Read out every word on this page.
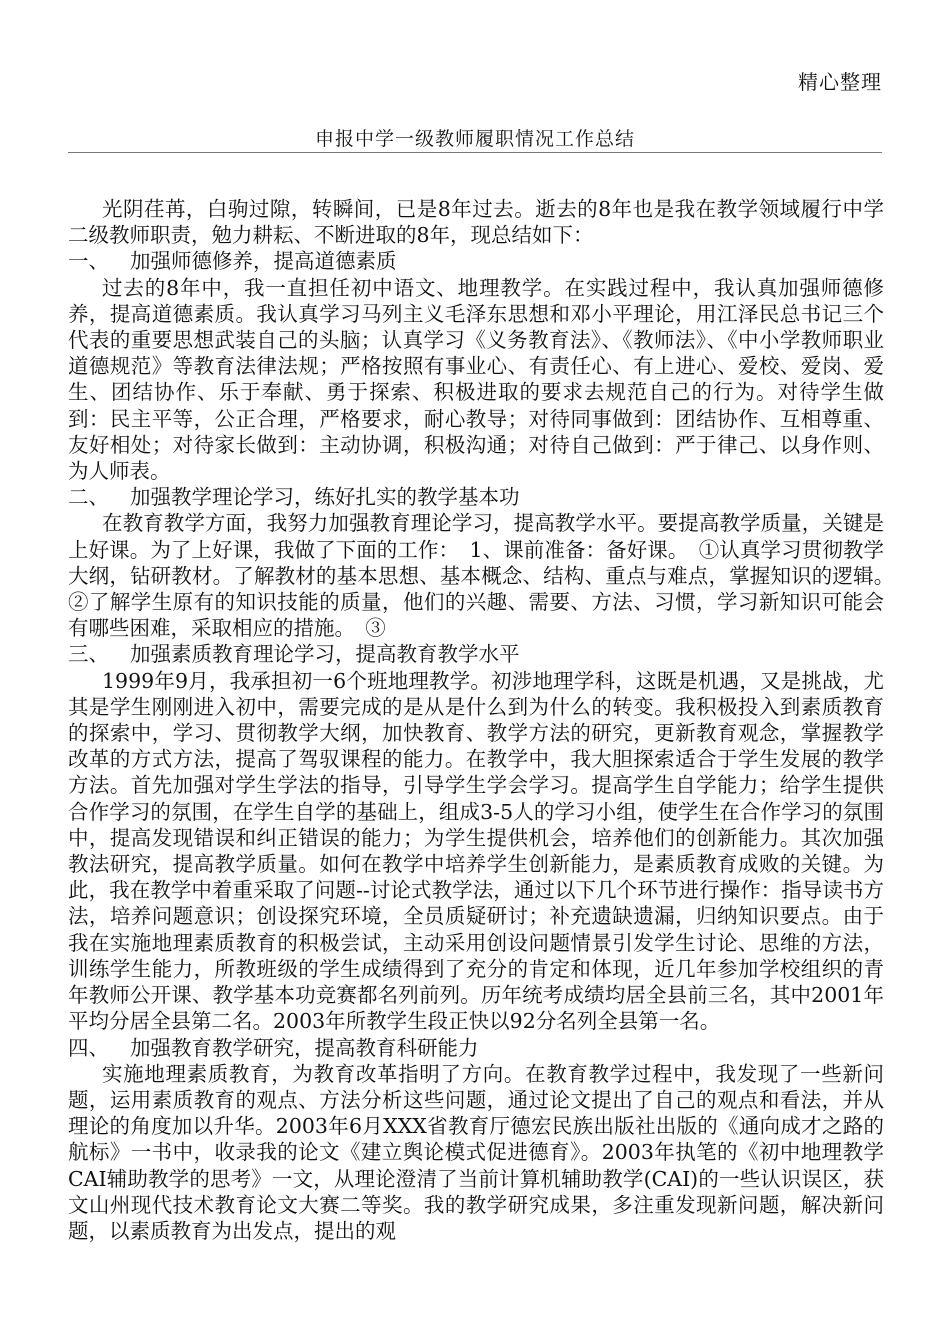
精心整理
申报中学一级教师履职情况工作总结

光阴荏苒，白驹过隙，转瞬间，已是8年过去。逝去的8年也是我在教学领域履行中学二级教师职责，勉力耕耘、不断进取的8年，现总结如下：

一、 加强师德修养，提高道德素质

过去的8年中，我一直担任初中语文、地理教学。在实践过程中，我认真加强师德修养，提高道德素质。我认真学习马列主义毛泽东思想和邓小平理论，用江泽民总书记三个代表的重要思想武装自己的头脑；认真学习《义务教育法》、《教师法》、《中小学教师职业道德规范》等教育法律法规；严格按照有事业心、有责任心、有上进心、爱校、爱岗、爱生、团结协作、乐于奉献、勇于探索、积极进取的要求去规范自己的行为。对待学生做到：民主平等，公正合理，严格要求，耐心教导；对待同事做到：团结协作、互相尊重、友好相处；对待家长做到：主动协调，积极沟通；对待自己做到：严于律己、以身作则、为人师表。

二、 加强教学理论学习，练好扎实的教学基本功

在教育教学方面，我努力加强教育理论学习，提高教学水平。要提高教学质量，关键是上好课。为了上好课，我做了下面的工作：　1、课前准备：备好课。　①认真学习贯彻教学大纲，钻研教材。了解教材的基本思想、基本概念、结构、重点与难点，掌握知识的逻辑。　　②了解学生原有的知识技能的质量，他们的兴趣、需要、方法、习惯，学习新知识可能会有哪些困难，采取相应的措施。　③

三、 加强素质教育理论学习，提高教育教学水平

1999年9月，我承担初一6个班地理教学。初涉地理学科，这既是机遇，又是挑战，尤其是学生刚刚进入初中，需要完成的是从是什么到为什么的转变。我积极投入到素质教育的探索中，学习、贯彻教学大纲，加快教育、教学方法的研究，更新教育观念，掌握教学改革的方式方法，提高了驾驭课程的能力。在教学中，我大胆探索适合于学生发展的教学方法。首先加强对学生学法的指导，引导学生学会学习。提高学生自学能力；给学生提供合作学习的氛围，在学生自学的基础上，组成3-5人的学习小组，使学生在合作学习的氛围中，提高发现错误和纠正错误的能力；为学生提供机会，培养他们的创新能力。其次加强教法研究，提高教学质量。如何在教学中培养学生创新能力，是素质教育成败的关键。为此，我在教学中着重采取了问题--讨论式教学法，通过以下几个环节进行操作：指导读书方法，培养问题意识；创设探究环境，全员质疑研讨；补充遗缺遗漏，归纳知识要点。由于我在实施地理素质教育的积极尝试，主动采用创设问题情景引发学生讨论、思维的方法，训练学生能力，所教班级的学生成绩得到了充分的肯定和体现，近几年参加学校组织的青年教师公开课、教学基本功竞赛都名列前列。历年统考成绩均居全县前三名，其中2001年平均分居全县第二名。2003年所教学生段正快以92分名列全县第一名。

四、 加强教育教学研究，提高教育科研能力

实施地理素质教育，为教育改革指明了方向。在教育教学过程中，我发现了一些新问题，运用素质教育的观点、方法分析这些问题，通过论文提出了自己的观点和看法，并从理论的角度加以升华。2003年6月XXX省教育厅德宏民族出版社出版的《通向成才之路的航标》一书中，收录我的论文《建立舆论模式促进德育》。2003年执笔的《初中地理教学CAI辅助教学的思考》一文，从理论澄清了当前计算机辅助教学(CAI)的一些认识误区，获文山州现代技术教育论文大赛二等奖。我的教学研究成果，多注重发现新问题，解决新问题，以素质教育为出发点，提出的观
